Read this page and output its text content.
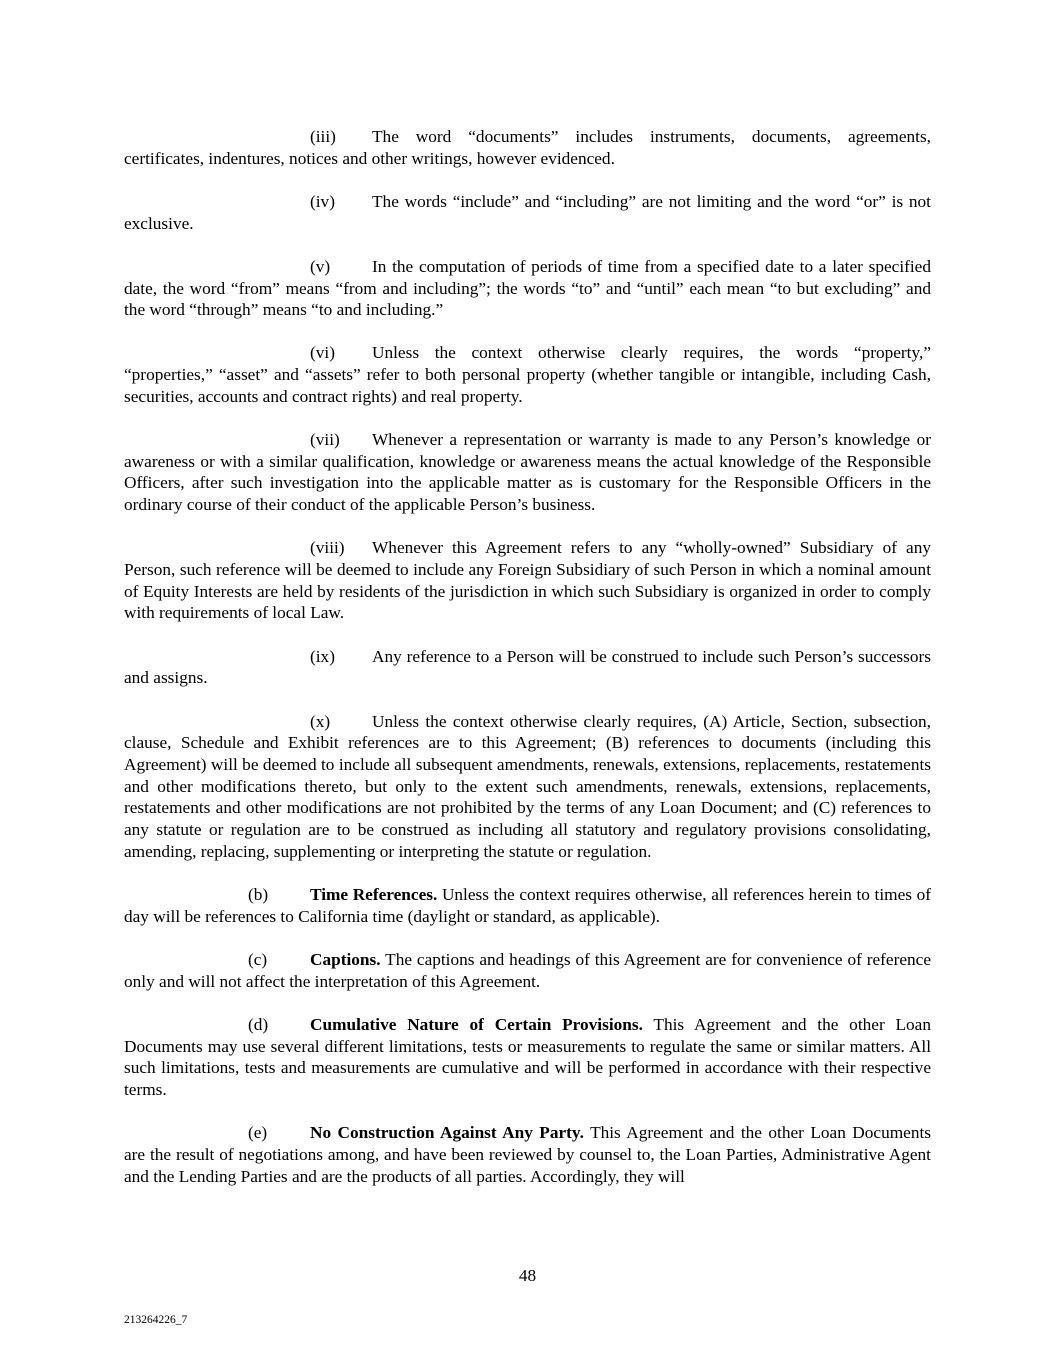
(iii) The word “documents” includes instruments, documents, agreements, certificates, indentures, notices and other writings, however evidenced.

(iv) The words “include” and “including” are not limiting and the word “or” is not exclusive.

(v) In the computation of periods of time from a specified date to a later specified date, the word “from” means “from and including”; the words “to” and “until” each mean “to but excluding” and the word “through” means “to and including.”

(vi) Unless the context otherwise clearly requires, the words “property,” “properties,” “asset” and “assets” refer to both personal property (whether tangible or intangible, including Cash, securities, accounts and contract rights) and real property.

(vii) Whenever a representation or warranty is made to any Person’s knowledge or awareness or with a similar qualification, knowledge or awareness means the actual knowledge of the Responsible Officers, after such investigation into the applicable matter as is customary for the Responsible Officers in the ordinary course of their conduct of the applicable Person’s business.

(viii) Whenever this Agreement refers to any “wholly-owned” Subsidiary of any Person, such reference will be deemed to include any Foreign Subsidiary of such Person in which a nominal amount of Equity Interests are held by residents of the jurisdiction in which such Subsidiary is organized in order to comply with requirements of local Law.

(ix) Any reference to a Person will be construed to include such Person’s successors and assigns.

(x) Unless the context otherwise clearly requires, (A) Article, Section, subsection, clause, Schedule and Exhibit references are to this Agreement; (B) references to documents (including this Agreement) will be deemed to include all subsequent amendments, renewals, extensions, replacements, restatements and other modifications thereto, but only to the extent such amendments, renewals, extensions, replacements, restatements and other modifications are not prohibited by the terms of any Loan Document; and (C) references to any statute or regulation are to be construed as including all statutory and regulatory provisions consolidating, amending, replacing, supplementing or interpreting the statute or regulation.

(b) Time References. Unless the context requires otherwise, all references herein to times of day will be references to California time (daylight or standard, as applicable).

(c) Captions. The captions and headings of this Agreement are for convenience of reference only and will not affect the interpretation of this Agreement.

(d) Cumulative Nature of Certain Provisions. This Agreement and the other Loan Documents may use several different limitations, tests or measurements to regulate the same or similar matters. All such limitations, tests and measurements are cumulative and will be performed in accordance with their respective terms.

(e) No Construction Against Any Party. This Agreement and the other Loan Documents are the result of negotiations among, and have been reviewed by counsel to, the Loan Parties, Administrative Agent and the Lending Parties and are the products of all parties. Accordingly, they will

48
213264226_7
